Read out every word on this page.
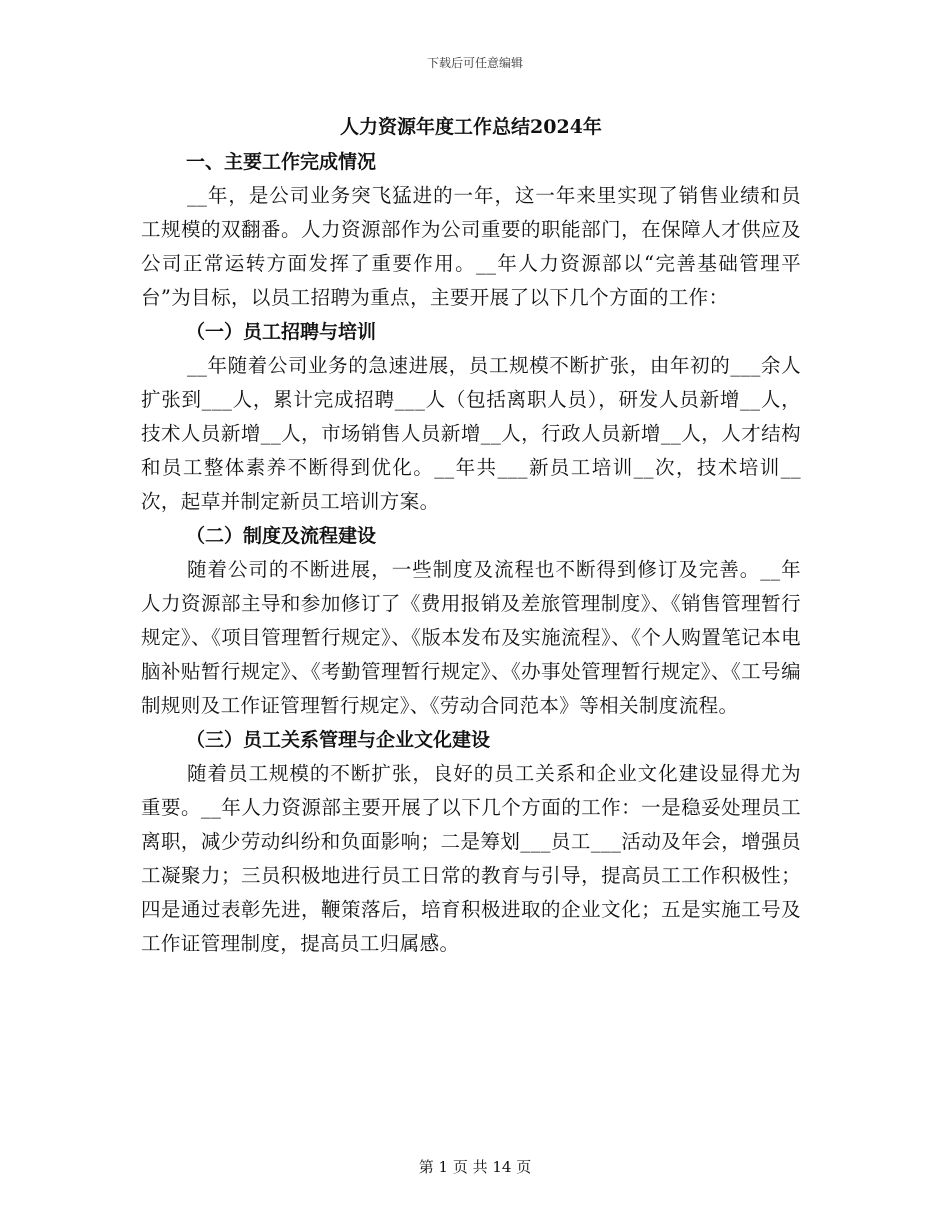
下载后可任意编辑
人力资源年度工作总结2024年
一、主要工作完成情况

__年，是公司业务突飞猛进的一年，这一年来里实现了销售业绩和员工规模的双翻番。人力资源部作为公司重要的职能部门，在保障人才供应及公司正常运转方面发挥了重要作用。__年人力资源部以“完善基础管理平台”为目标，以员工招聘为重点，主要开展了以下几个方面的工作：

（一）员工招聘与培训

__年随着公司业务的急速进展，员工规模不断扩张，由年初的___余人扩张到___人，累计完成招聘___人（包括离职人员），研发人员新增__人，技术人员新增__人，市场销售人员新增__人，行政人员新增__人，人才结构和员工整体素养不断得到优化。__年共___新员工培训__次，技术培训__次，起草并制定新员工培训方案。

（二）制度及流程建设

随着公司的不断进展，一些制度及流程也不断得到修订及完善。__年人力资源部主导和参加修订了《费用报销及差旅管理制度》、《销售管理暂行规定》、《项目管理暂行规定》、《版本发布及实施流程》、《个人购置笔记本电脑补贴暂行规定》、《考勤管理暂行规定》、《办事处管理暂行规定》、《工号编制规则及工作证管理暂行规定》、《劳动合同范本》等相关制度流程。

（三）员工关系管理与企业文化建设

随着员工规模的不断扩张，良好的员工关系和企业文化建设显得尤为重要。__年人力资源部主要开展了以下几个方面的工作：一是稳妥处理员工离职，减少劳动纠纷和负面影响；二是筹划___员工___活动及年会，增强员工凝聚力；三员积极地进行员工日常的教育与引导，提高员工工作积极性；四是通过表彰先进，鞭策落后，培育积极进取的企业文化；五是实施工号及工作证管理制度，提高员工归属感。

第 1 页 共 14 页
